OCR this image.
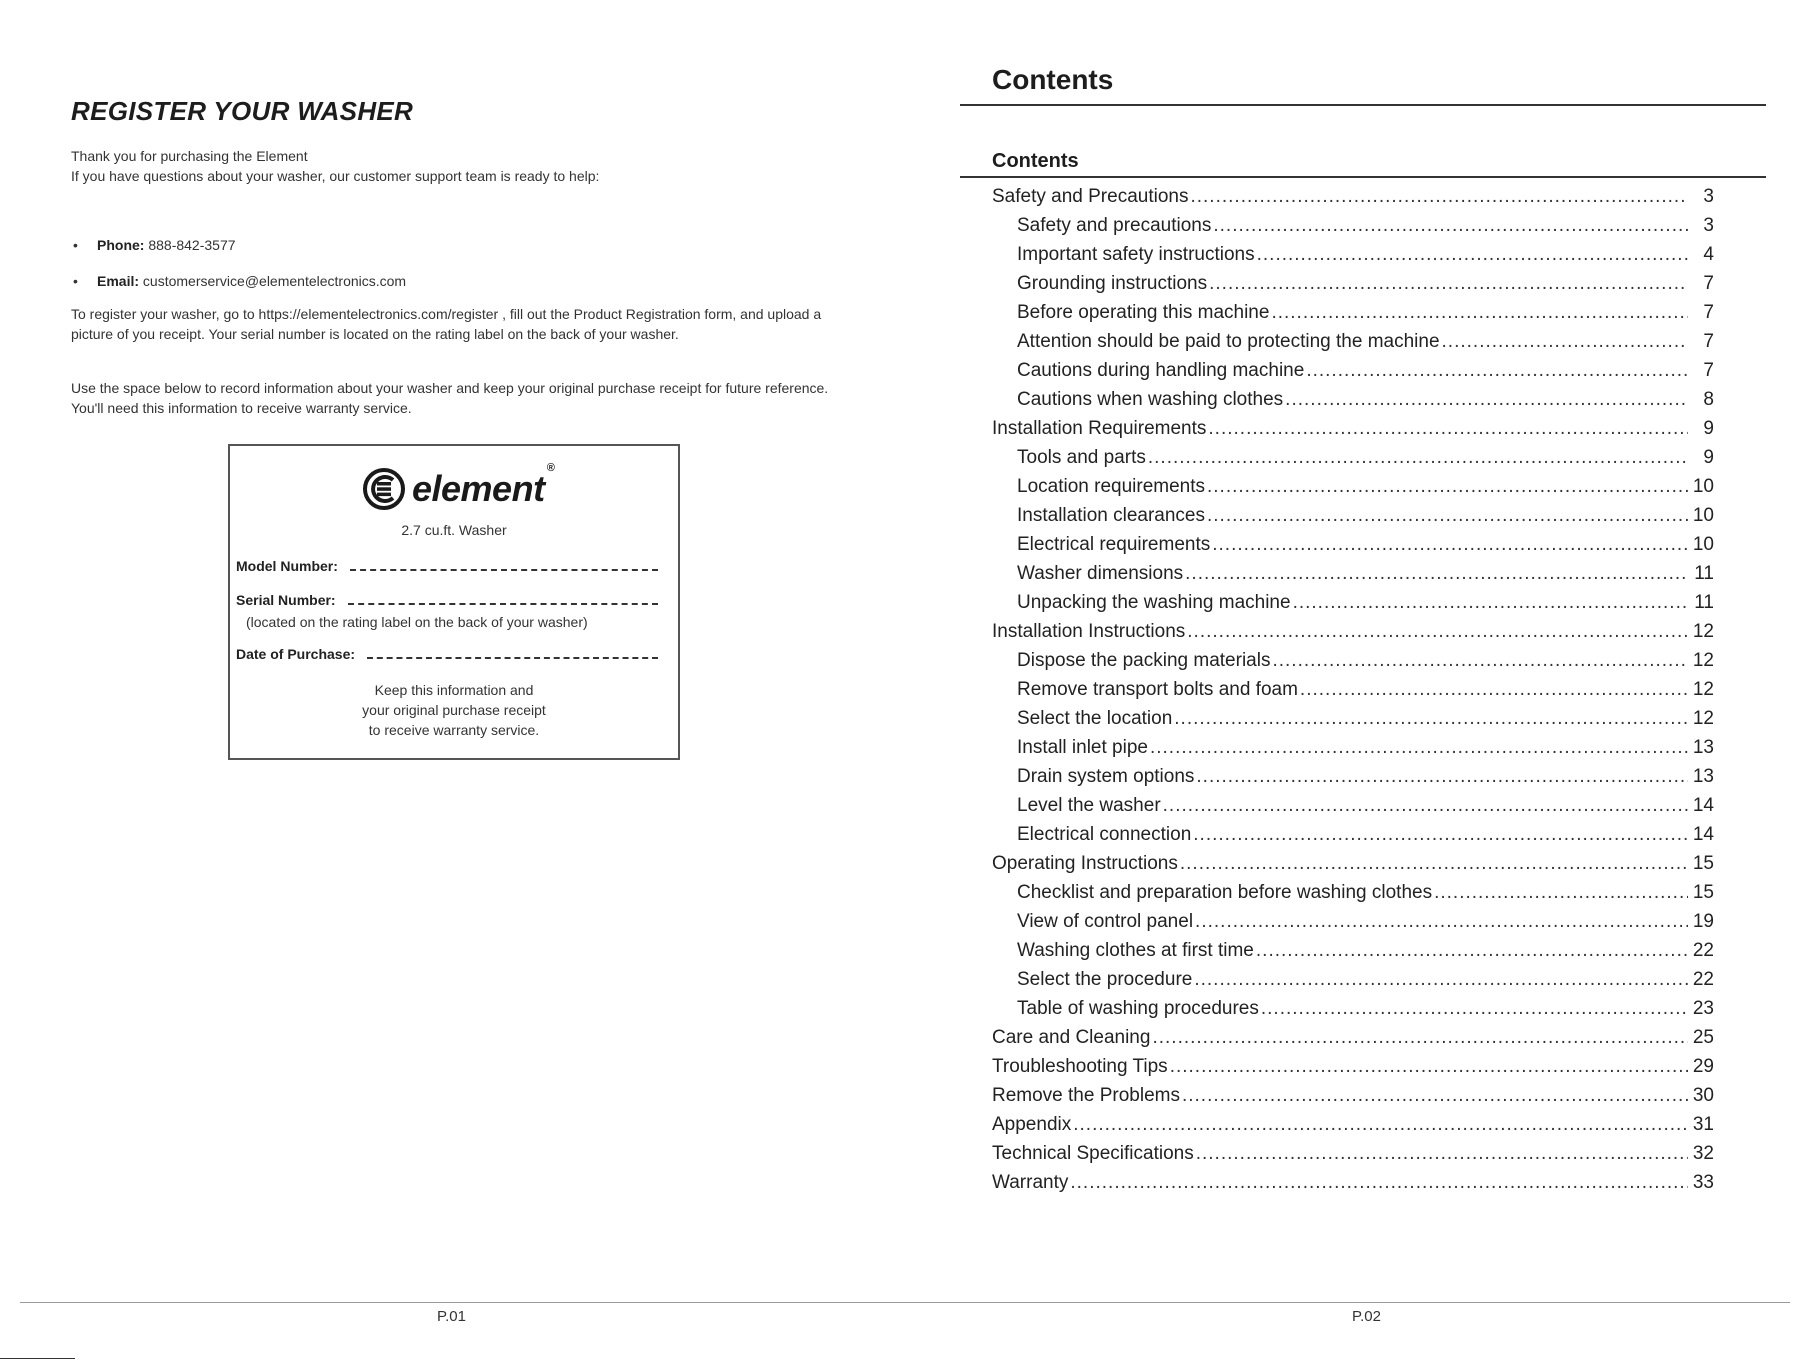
REGISTER YOUR WASHER

Thank you for purchasing the Element

If you have questions about your washer, our customer support team is ready to help:

• Phone: 888-842-3577
• Email: customerservice@elementelectronics.com

To register your washer, go to https://elementelectronics.com/register , fill out the Product Registration form, and upload a picture of you receipt. Your serial number is located on the rating label on the back of your washer.

Use the space below to record information about your washer and keep your original purchase receipt for future reference. You'll need this information to receive warranty service.

element ®
2.7 cu.ft. Washer
Model Number:
Serial Number:
(located on the rating label on the back of your washer)
Date of Purchase:

Keep this information and

your original purchase receipt

to receive warranty service.

Contents
Contents
Safety and Precautions .....	3
Safety and precautions .....	3
Important safety instructions .....	4
Grounding instructions .....	7
Before operating this machine .....	7
Attention should be paid to protecting the machine .....	7
Cautions during handling machine .....	7
Cautions when washing clothes .....	8
Installation Requirements .....	9
Tools and parts .....	9
Location requirements .....	10
Installation clearances .....	10
Electrical requirements .....	10
Washer dimensions .....	11
Unpacking the washing machine .....	11
Installation Instructions .....	12
Dispose the packing materials .....	12
Remove transport bolts and foam .....	12
Select the location .....	12
Install inlet pipe .....	13
Drain system options .....	13
Level the washer .....	14
Electrical connection .....	14
Operating Instructions .....	15
Checklist and preparation before washing clothes .....	15
View of control panel .....	19
Washing clothes at first time .....	22
Select the procedure .....	22
Table of washing procedures .....	23
Care and Cleaning .....	25
Troubleshooting Tips .....	29
Remove the Problems .....	30
Appendix .....	31
Technical Specifications .....	32
Warranty .....	33
P.01	P.02
